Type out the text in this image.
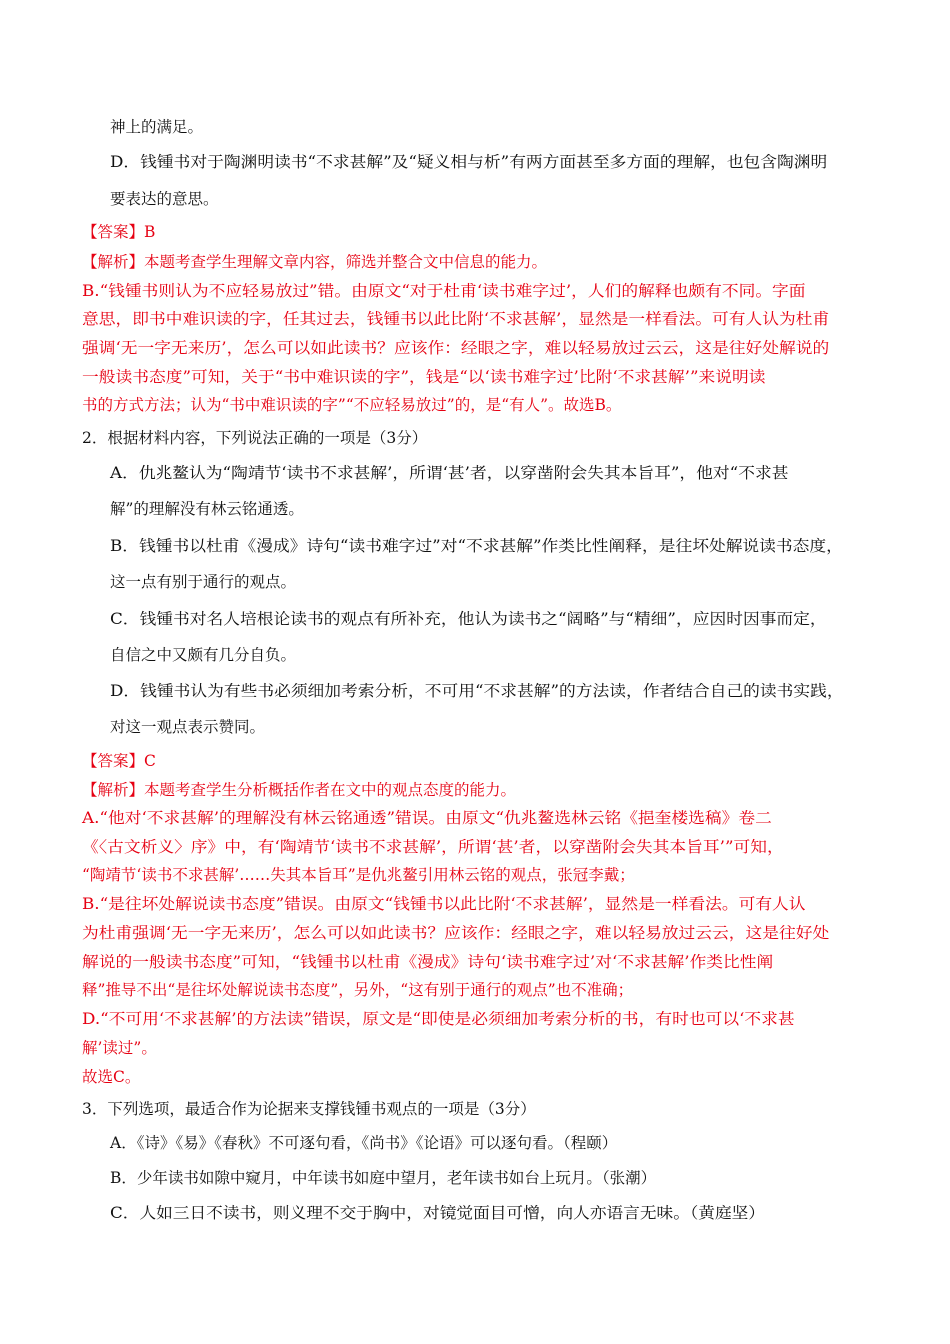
神上的满足。
D．钱锺书对于陶渊明读书“不求甚解”及“疑义相与析”有两方面甚至多方面的理解，也包含陶渊明
要表达的意思。
【答案】B
【解析】本题考查学生理解文章内容，筛选并整合文中信息的能力。
B.“钱锺书则认为不应轻易放过”错。由原文“对于杜甫‘读书难字过’，人们的解释也颇有不同。字面
意思，即书中难识读的字，任其过去，钱锺书以此比附‘不求甚解’，显然是一样看法。可有人认为杜甫
强调‘无一字无来历’，怎么可以如此读书？应该作：经眼之字，难以轻易放过云云，这是往好处解说的
一般读书态度”可知，关于“书中难识读的字”，钱是“以‘读书难字过’比附‘不求甚解’”来说明读
书的方式方法；认为“书中难识读的字”“不应轻易放过”的，是“有人”。故选B。
2．根据材料内容，下列说法正确的一项是（3分）
A．仇兆鳌认为“陶靖节‘读书不求甚解’，所谓‘甚’者，以穿凿附会失其本旨耳”，他对“不求甚
解”的理解没有林云铭通透。
B．钱锺书以杜甫《漫成》诗句“读书难字过”对“不求甚解”作类比性阐释，是往坏处解说读书态度，
这一点有别于通行的观点。
C．钱锺书对名人培根论读书的观点有所补充，他认为读书之“阔略”与“精细”，应因时因事而定，
自信之中又颇有几分自负。
D．钱锺书认为有些书必须细加考索分析，不可用“不求甚解”的方法读，作者结合自己的读书实践，
对这一观点表示赞同。
【答案】C
【解析】本题考查学生分析概括作者在文中的观点态度的能力。
A.“他对‘不求甚解’的理解没有林云铭通透”错误。由原文“仇兆鳌选林云铭《挹奎楼选稿》卷二
《〈古文析义〉序》中，有‘陶靖节‘读书不求甚解’，所谓‘甚’者，以穿凿附会失其本旨耳’”可知，
“陶靖节‘读书不求甚解’……失其本旨耳”是仇兆鳌引用林云铭的观点，张冠李戴；
B.“是往坏处解说读书态度”错误。由原文“钱锺书以此比附‘不求甚解’，显然是一样看法。可有人认
为杜甫强调‘无一字无来历’，怎么可以如此读书？应该作：经眼之字，难以轻易放过云云，这是往好处
解说的一般读书态度”可知，“钱锺书以杜甫《漫成》诗句‘读书难字过’对‘不求甚解’作类比性阐
释”推导不出“是往坏处解说读书态度”，另外，“这有别于通行的观点”也不准确；
D.“不可用‘不求甚解’的方法读”错误，原文是“即使是必须细加考索分析的书，有时也可以‘不求甚
解’读过”。
故选C。
3．下列选项，最适合作为论据来支撑钱锺书观点的一项是（3分）
A．《诗》《易》《春秋》不可逐句看，《尚书》《论语》可以逐句看。（程颐）
B．少年读书如隙中窥月，中年读书如庭中望月，老年读书如台上玩月。（张潮）
C．人如三日不读书，则义理不交于胸中，对镜觉面目可憎，向人亦语言无味。（黄庭坚）
